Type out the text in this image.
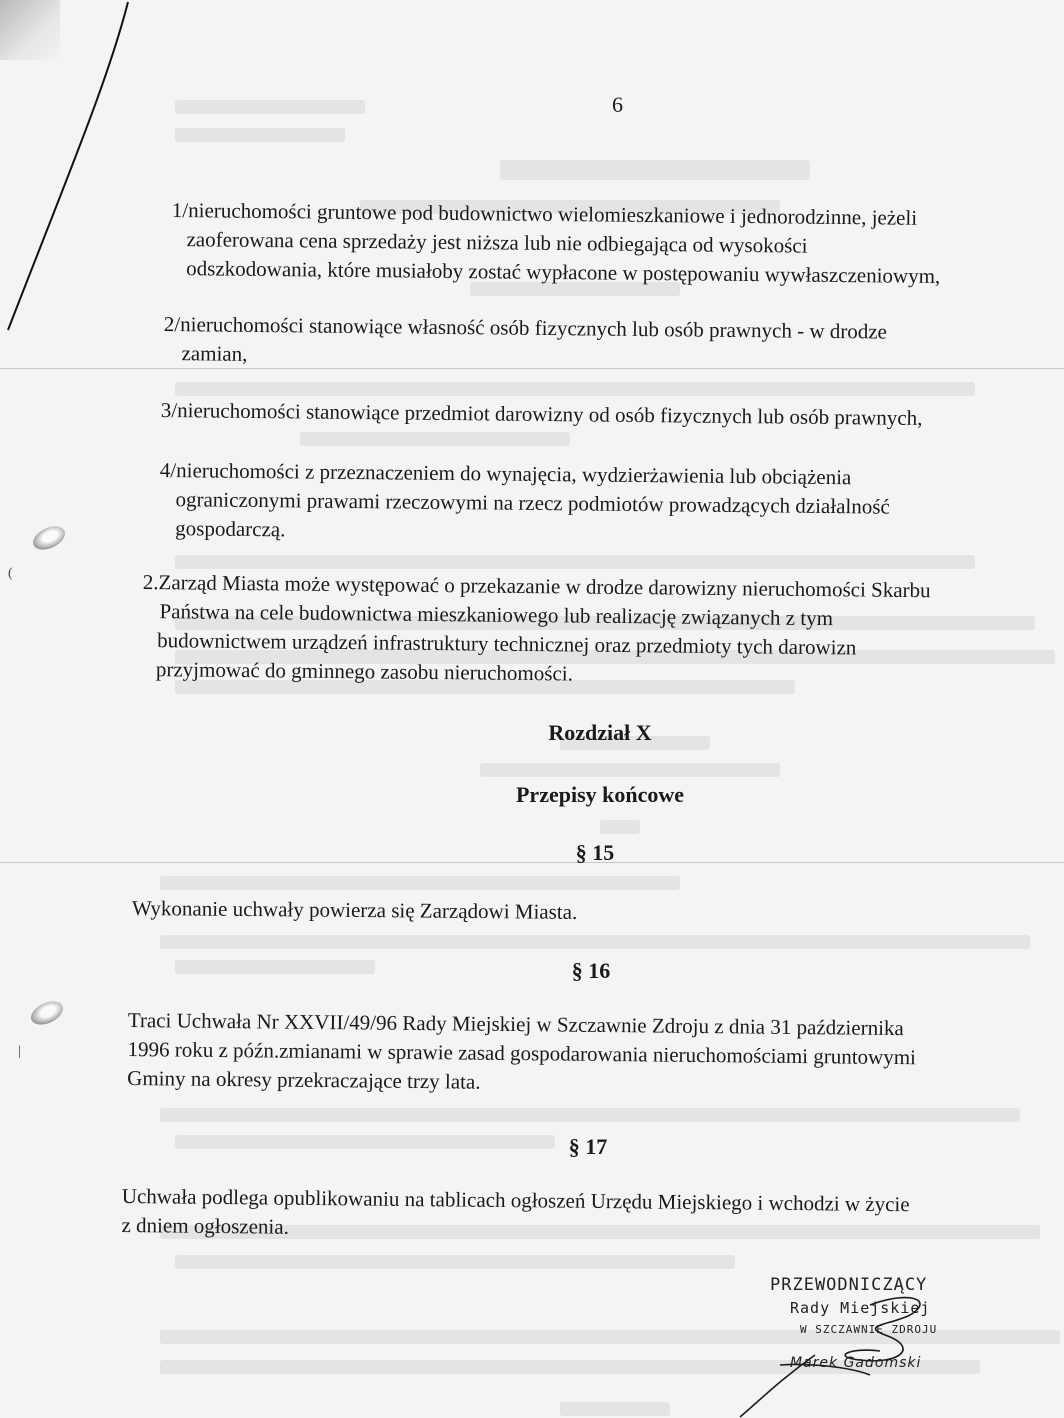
(
|
6
1/nieruchomości gruntowe pod budownictwo wielomieszkaniowe i jednorodzinne, jeżeli
zaoferowana cena sprzedaży jest niższa lub nie odbiegająca od wysokości
odszkodowania, które musiałoby zostać wypłacone w postępowaniu wywłaszczeniowym,
2/nieruchomości stanowiące własność osób fizycznych lub osób prawnych - w drodze
zamian,
3/nieruchomości stanowiące przedmiot darowizny od osób fizycznych lub osób prawnych,
4/nieruchomości z przeznaczeniem do wynajęcia, wydzierżawienia lub obciążenia
ograniczonymi prawami rzeczowymi na rzecz podmiotów prowadzących działalność
gospodarczą.
2.Zarząd Miasta może występować o przekazanie w drodze darowizny nieruchomości Skarbu
Państwa na cele budownictwa mieszkaniowego lub realizację związanych z tym
budownictwem urządzeń infrastruktury technicznej oraz przedmioty tych darowizn
przyjmować do gminnego zasobu nieruchomości.
Rozdział X
Przepisy końcowe
§ 15
Wykonanie uchwały powierza się Zarządowi Miasta.
§ 16
Traci Uchwała Nr XXVII/49/96 Rady Miejskiej w Szczawnie Zdroju z dnia 31 października
1996 roku z późn.zmianami w sprawie zasad gospodarowania nieruchomościami gruntowymi
Gminy na okresy przekraczające trzy lata.
§ 17
Uchwała podlega opublikowaniu na tablicach ogłoszeń Urzędu Miejskiego i wchodzi w życie
z dniem ogłoszenia.
PRZEWODNICZĄCY
Rady Miejskiej
W SZCZAWNIE ZDROJU
Marek Gadomski
